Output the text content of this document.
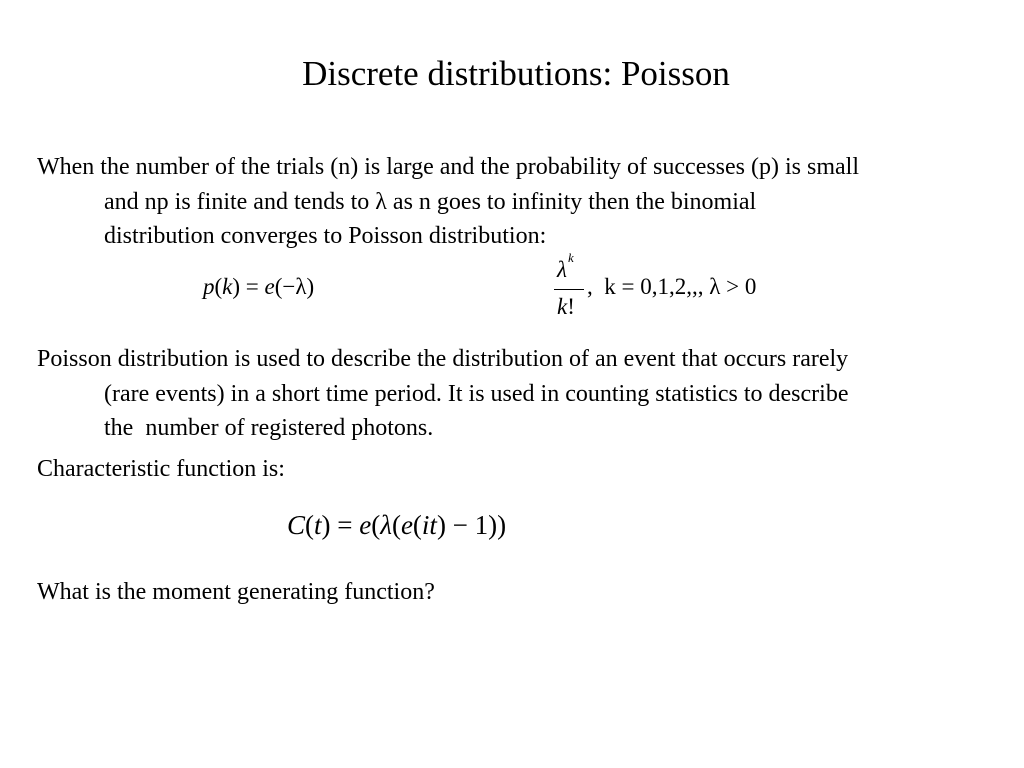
Discrete distributions: Poisson
When the number of the trials (n) is large and the probability of successes (p) is small
and np is finite and tends to λ as n goes to infinity then the binomial
distribution converges to Poisson distribution:
p(k) = e(−λ)
$\lambda^k$
k!
,  k = 0,1,2,,, λ > 0
Poisson distribution is used to describe the distribution of an event that occurs rarely
(rare events) in a short time period. It is used in counting statistics to describe
the  number of registered photons.
Characteristic function is:
C(t) = e(λ(e(it) − 1))
What is the moment generating function?
